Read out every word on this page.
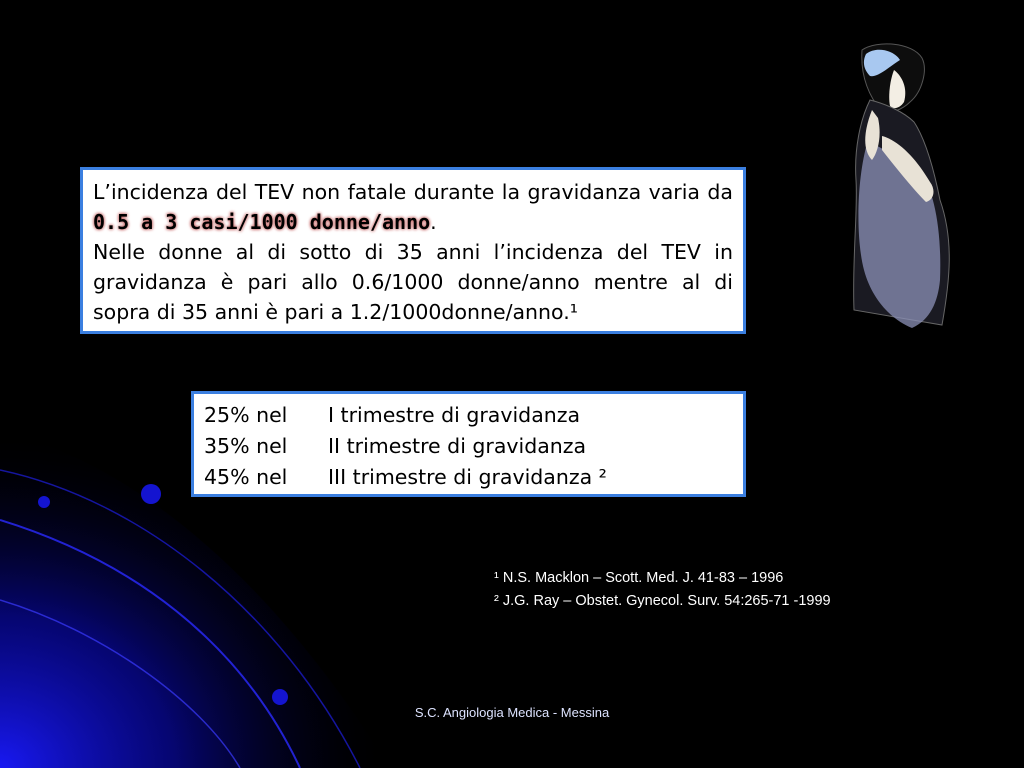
L’incidenza del TEV non fatale durante la gravidanza varia da 0.5 a 3 casi/1000 donne/anno.

Nelle donne al di sotto di 35 anni l’incidenza del TEV in gravidanza è pari allo 0.6/1000 donne/anno mentre al di sopra di 35 anni è pari a 1.2/1000donne/anno.¹

25% nel	I trimestre di gravidanza
35% nel	II trimestre di gravidanza
45% nel	III trimestre di gravidanza ²
¹ N.S. Macklon – Scott. Med. J. 41-83 – 1996
² J.G. Ray – Obstet. Gynecol. Surv. 54:265-71 -1999
S.C. Angiologia Medica - Messina
